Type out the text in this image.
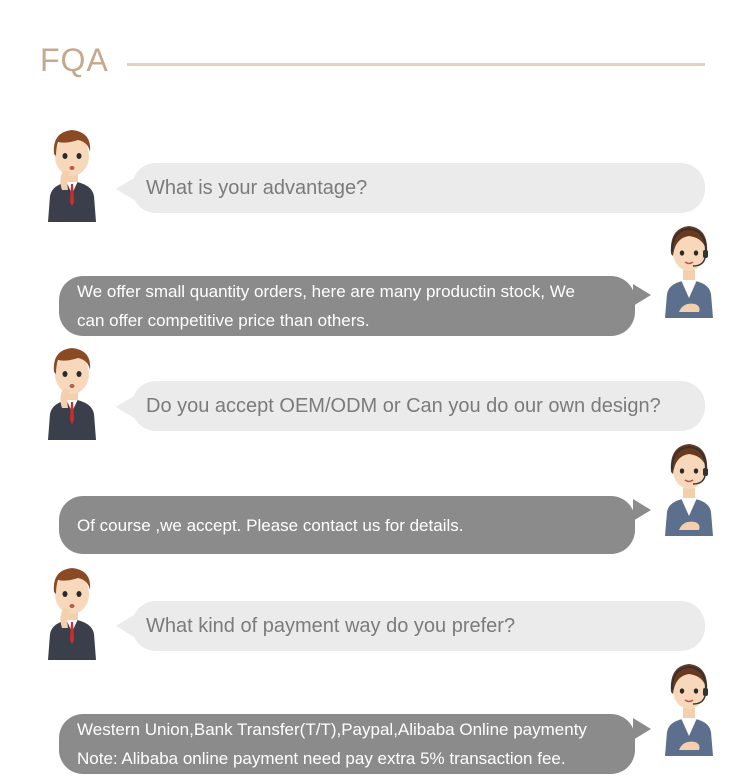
FQA
What is your advantage?
We offer small quantity orders, here are many productin stock, We
can offer competitive price than others.
Do you accept OEM/ODM or Can you do our own design?
Of course ,we accept. Please contact us for details.
What kind of payment way do you prefer?
Western Union,Bank Transfer(T/T),Paypal,Alibaba Online paymenty
Note: Alibaba online payment need pay extra 5% transaction fee.
